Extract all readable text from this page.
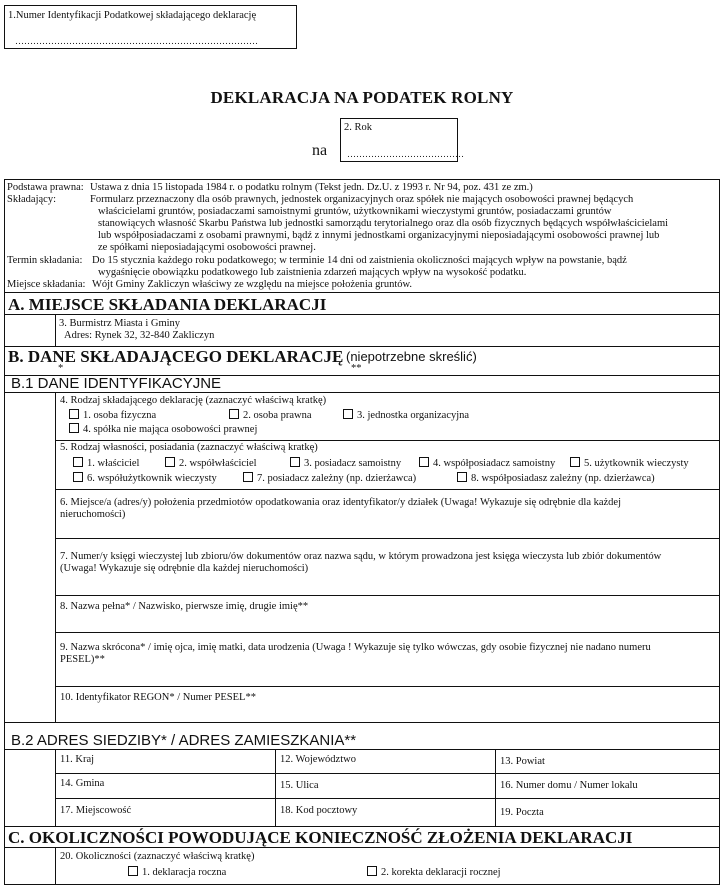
1.Numer Identyfikacji Podatkowej składającego deklarację
………………………………………………………………………
DEKLARACJA NA PODATEK ROLNY
na
2. Rok
…………………………………
Podstawa prawna: Ustawa z dnia 15 listopada 1984 r. o podatku rolnym (Tekst jedn. Dz.U. z 1993 r. Nr 94, poz. 431 ze zm.)
Składający:	Formularz przeznaczony dla osób prawnych, jednostek organizacyjnych oraz spółek nie mających osobowości prawnej będących
właścicielami gruntów, posiadaczami samoistnymi gruntów, użytkownikami wieczystymi gruntów, posiadaczami gruntów
stanowiących własność Skarbu Państwa lub jednostki samorządu terytorialnego oraz dla osób fizycznych będących współwłaścicielami
lub współposiadaczami z osobami prawnymi, bądź z innymi jednostkami organizacyjnymi nieposiadającymi osobowości prawnej lub
ze spółkami nieposiadającymi osobowości prawnej.
Termin składania: Do 15 stycznia każdego roku podatkowego; w terminie 14 dni od zaistnienia okoliczności mających wpływ na powstanie, bądź
wygaśnięcie obowiązku podatkowego lub zaistnienia zdarzeń mających wpływ na wysokość podatku.
Miejsce składania: Wójt Gminy Zakliczyn właściwy ze względu na miejsce położenia gruntów.
A. MIEJSCE SKŁADANIA DEKLARACJI
3. Burmistrz Miasta i Gminy
Adres: Rynek 32, 32-840 Zakliczyn
B. DANE SKŁADAJĄCEGO DEKLARACJĘ (niepotrzebne skreślić)
*	**
B.1 DANE IDENTYFIKACYJNE
4. Rodzaj składającego deklarację (zaznaczyć właściwą kratkę)
1. osoba fizyczna	2. osoba prawna	3. jednostka organizacyjna
4. spółka nie mająca osobowości prawnej
5. Rodzaj własności, posiadania (zaznaczyć właściwą kratkę)
1. właściciel	2. współwłaściciel	3. posiadacz samoistny	4. współposiadacz samoistny	5. użytkownik wieczysty
6. współużytkownik wieczysty	7. posiadacz zależny (np. dzierżawca)	8. współposiadasz zależny (np. dzierżawca)
6. Miejsce/a (adres/y) położenia przedmiotów opodatkowania oraz identyfikator/y działek (Uwaga! Wykazuje się odrębnie dla każdej
nieruchomości)
7. Numer/y księgi wieczystej lub zbioru/ów dokumentów oraz nazwa sądu, w którym prowadzona jest księga wieczysta lub zbiór dokumentów
(Uwaga! Wykazuje się odrębnie dla każdej nieruchomości)
8. Nazwa pełna* / Nazwisko, pierwsze imię, drugie imię**
9. Nazwa skrócona* / imię ojca, imię matki, data urodzenia (Uwaga ! Wykazuje się tylko wówczas, gdy osobie fizycznej nie nadano numeru
PESEL)**
10. Identyfikator REGON* / Numer PESEL**
B.2 ADRES SIEDZIBY* / ADRES ZAMIESZKANIA**
11. Kraj	12. Województwo	13. Powiat
14. Gmina	15. Ulica	16. Numer domu / Numer lokalu
17. Miejscowość	18. Kod pocztowy	19. Poczta
C. OKOLICZNOŚCI POWODUJĄCE KONIECZNOŚĆ ZŁOŻENIA DEKLARACJI
20. Okoliczności (zaznaczyć właściwą kratkę)
1. deklaracja roczna	2. korekta deklaracji rocznej
